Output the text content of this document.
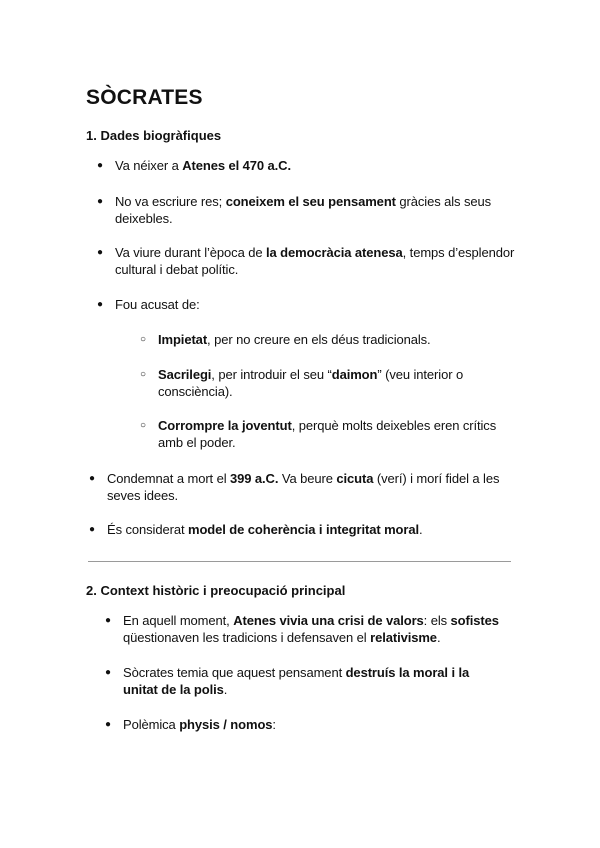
SÒCRATES
1. Dades biogràfiques
● Va néixer a Atenes el 470 a.C.
● No va escriure res; coneixem el seu pensament gràcies als seus deixebles.
● Va viure durant l’època de la democràcia atenesa, temps d’esplendor cultural i debat polític.
● Fou acusat de:
○ Impietat, per no creure en els déus tradicionals.
○ Sacrilegi, per introduir el seu “daimon” (veu interior o consciència).
○ Corrompre la joventut, perquè molts deixebles eren crítics amb el poder.
● Condemnat a mort el 399 a.C. Va beure cicuta (verí) i morí fidel a les seves idees.
● És considerat model de coherència i integritat moral.
2. Context històric i preocupació principal
● En aquell moment, Atenes vivia una crisi de valors: els sofistes qüestionaven les tradicions i defensaven el relativisme.
● Sòcrates temia que aquest pensament destruís la moral i la unitat de la polis.
● Polèmica physis / nomos:
